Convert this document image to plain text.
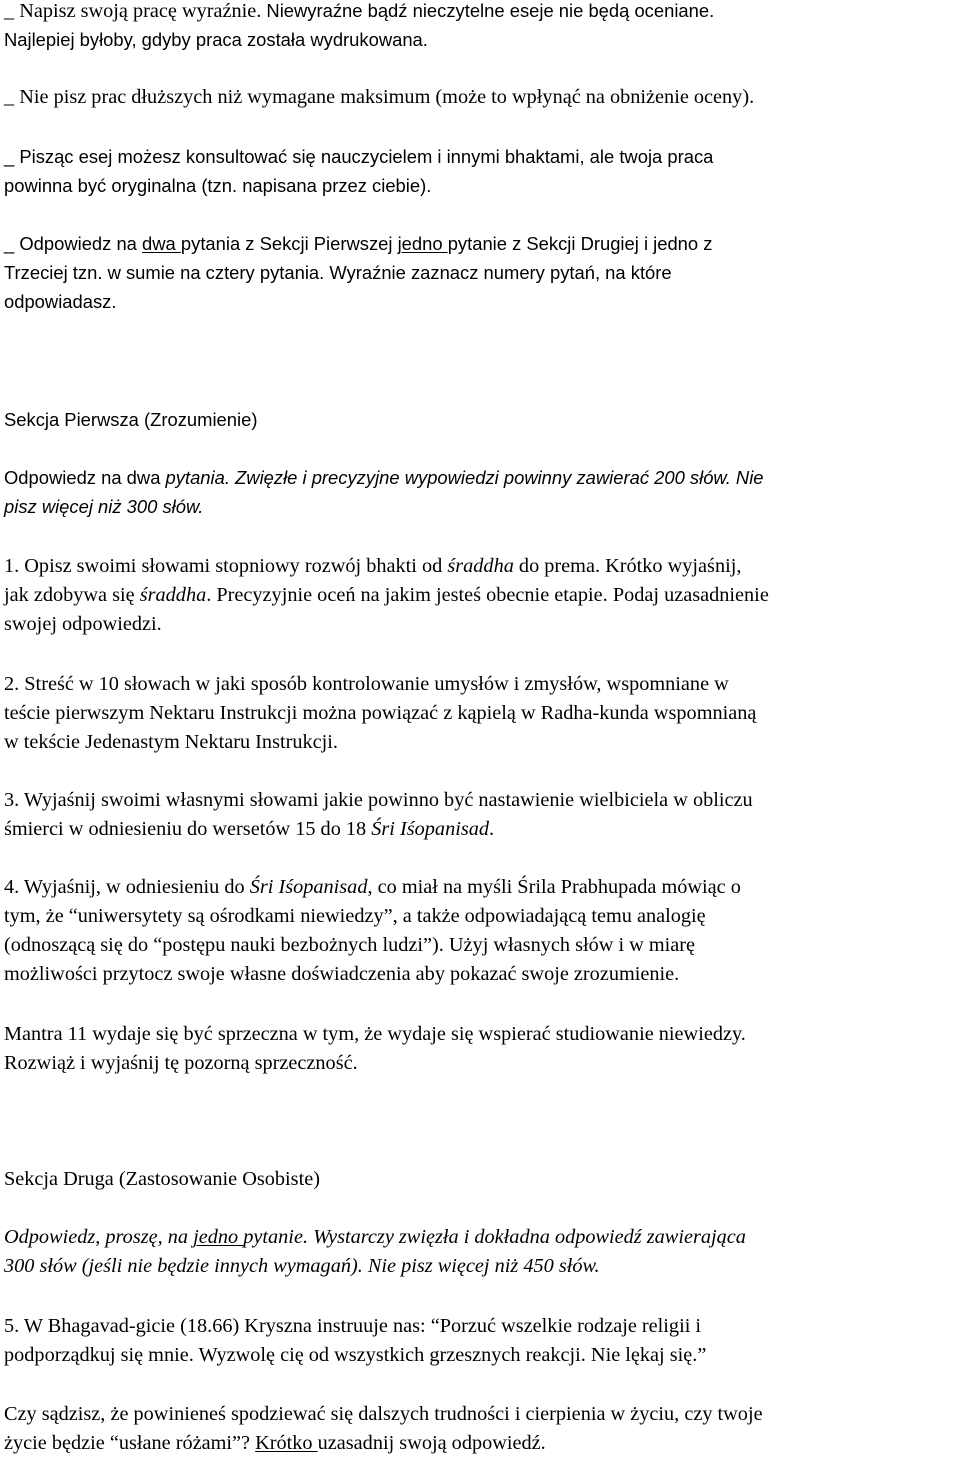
_ Napisz swoją pracę wyraźnie. Niewyraźne bądź nieczytelne eseje nie będą oceniane.
Najlepiej byłoby, gdyby praca została wydrukowana.
_ Nie pisz prac dłuższych niż wymagane maksimum (może to wpłynąć na obniżenie oceny).
_ Pisząc esej możesz konsultować się nauczycielem i innymi bhaktami, ale twoja praca
powinna być oryginalna (tzn. napisana przez ciebie).
_ Odpowiedz na dwa pytania z Sekcji Pierwszej jedno pytanie z Sekcji Drugiej i jedno z
Trzeciej tzn. w sumie na cztery pytania. Wyraźnie zaznacz numery pytań, na które
odpowiadasz.
Sekcja Pierwsza (Zrozumienie)
Odpowiedz na dwa pytania. Zwięzłe i precyzyjne wypowiedzi powinny zawierać 200 słów. Nie
pisz więcej niż 300 słów.
1. Opisz swoimi słowami stopniowy rozwój bhakti od śraddha do prema. Krótko wyjaśnij,
jak zdobywa się śraddha. Precyzyjnie oceń na jakim jesteś obecnie etapie. Podaj uzasadnienie
swojej odpowiedzi.
2. Streść w 10 słowach w jaki sposób kontrolowanie umysłów i zmysłów, wspomniane w
teście pierwszym Nektaru Instrukcji można powiązać z kąpielą w Radha-kunda wspomnianą
w tekście Jedenastym Nektaru Instrukcji.
3. Wyjaśnij swoimi własnymi słowami jakie powinno być nastawienie wielbiciela w obliczu
śmierci w odniesieniu do wersetów 15 do 18 Śri Iśopanisad.
4. Wyjaśnij, w odniesieniu do Śri Iśopanisad, co miał na myśli Śrila Prabhupada mówiąc o
tym, że “uniwersytety są ośrodkami niewiedzy”, a także odpowiadającą temu analogię
(odnoszącą się do “postępu nauki bezbożnych ludzi”). Użyj własnych słów i w miarę
możliwości przytocz swoje własne doświadczenia aby pokazać swoje zrozumienie.
Mantra 11 wydaje się być sprzeczna w tym, że wydaje się wspierać studiowanie niewiedzy.
Rozwiąż i wyjaśnij tę pozorną sprzeczność.
Sekcja Druga (Zastosowanie Osobiste)
Odpowiedz, proszę, na jedno pytanie. Wystarczy zwięzła i dokładna odpowiedź zawierająca
300 słów (jeśli nie będzie innych wymagań). Nie pisz więcej niż 450 słów.
5. W Bhagavad-gicie (18.66) Kryszna instruuje nas: “Porzuć wszelkie rodzaje religii i
podporządkuj się mnie. Wyzwolę cię od wszystkich grzesznych reakcji. Nie lękaj się.”
Czy sądzisz, że powinieneś spodziewać się dalszych trudności i cierpienia w życiu, czy twoje
życie będzie “usłane różami”? Krótko uzasadnij swoją odpowiedź.
